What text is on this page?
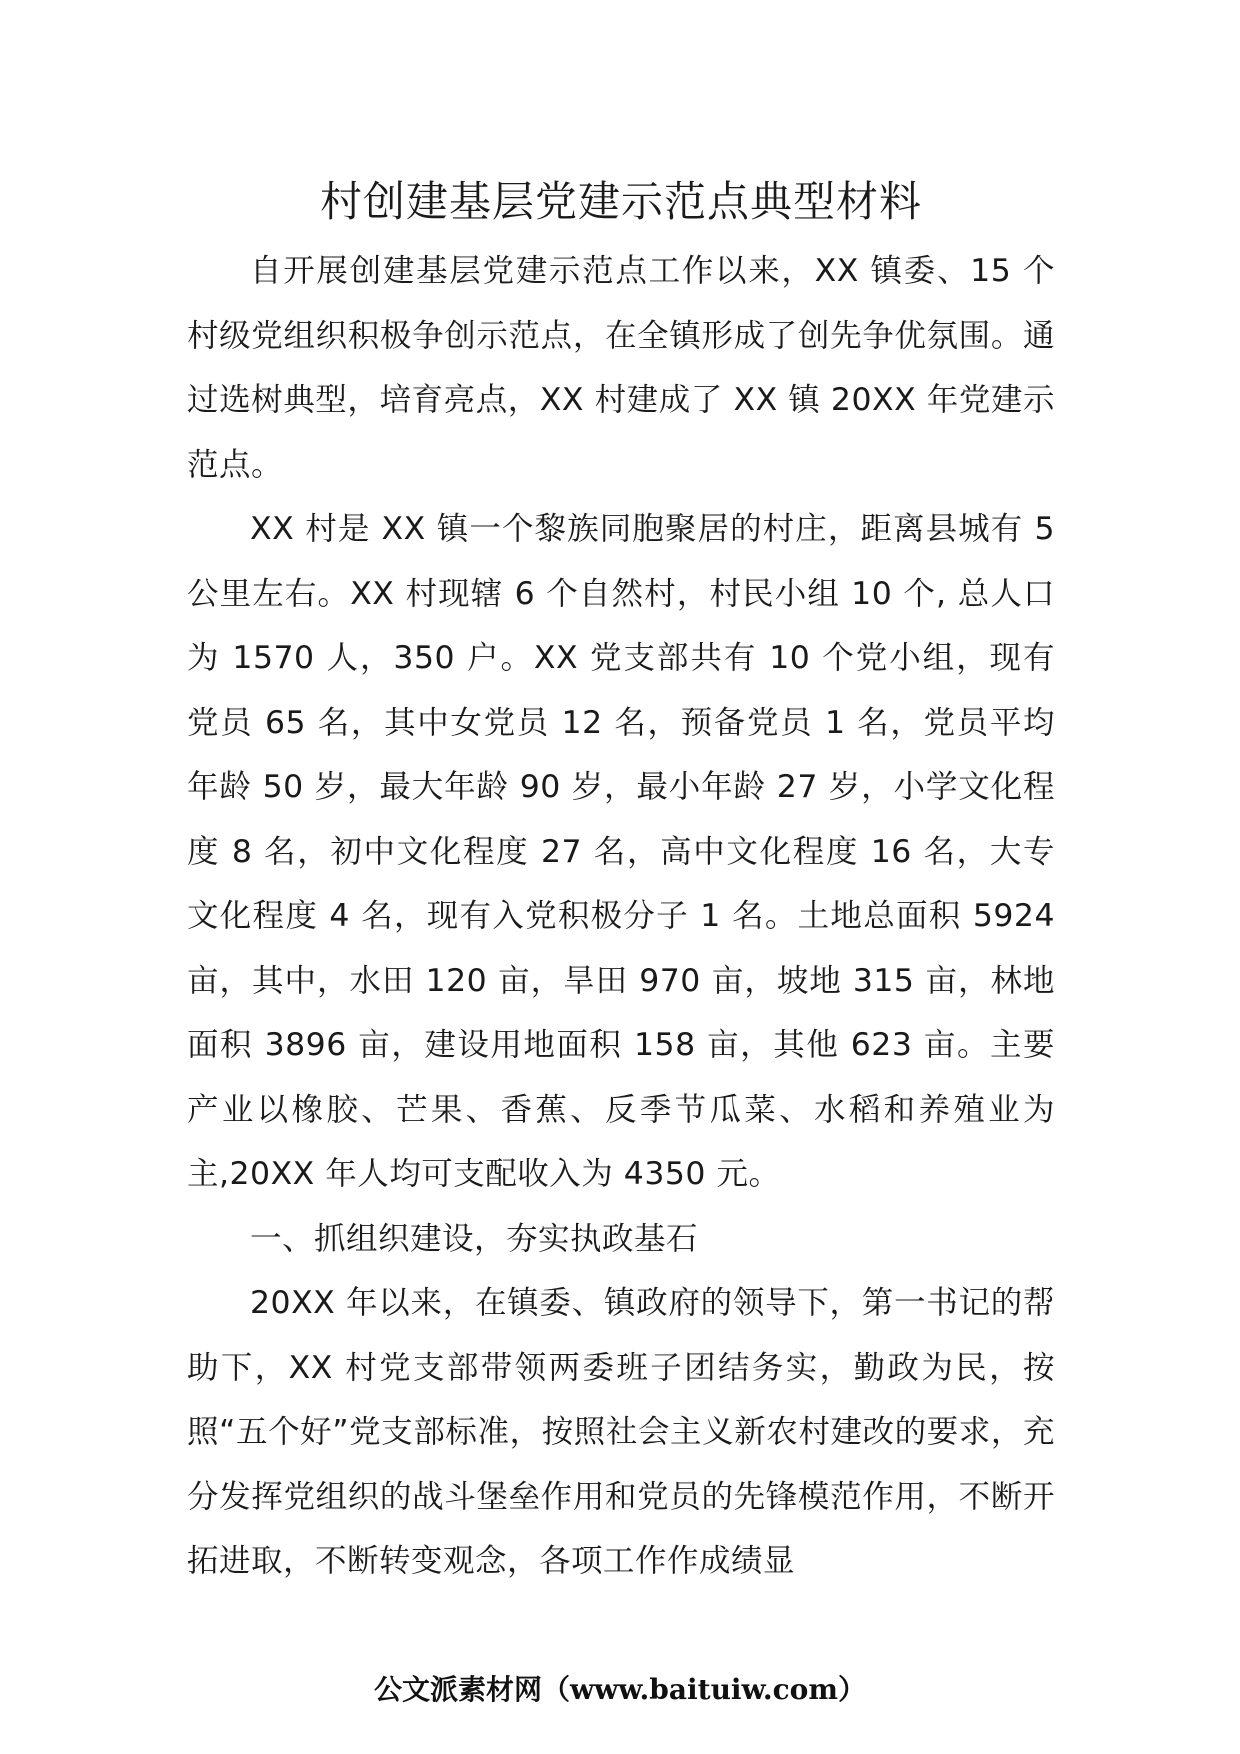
村创建基层党建示范点典型材料

自开展创建基层党建示范点工作以来，XX 镇委、15 个村级党组织积极争创示范点，在全镇形成了创先争优氛围。通过选树典型，培育亮点，XX 村建成了 XX 镇 20XX 年党建示范点。

XX 村是 XX 镇一个黎族同胞聚居的村庄，距离县城有 5 公里左右。XX 村现辖 6 个自然村，村民小组 10 个, 总人口为 1570 人，350 户。XX 党支部共有 10 个党小组，现有党员 65 名，其中女党员 12 名，预备党员 1 名，党员平均年龄 50 岁，最大年龄 90 岁，最小年龄 27 岁，小学文化程度 8 名，初中文化程度 27 名，高中文化程度 16 名，大专文化程度 4 名，现有入党积极分子 1 名。土地总面积 5924 亩，其中，水田 120 亩，旱田 970 亩，坡地 315 亩，林地面积 3896 亩，建设用地面积 158 亩，其他 623 亩。主要产业以橡胶、芒果、香蕉、反季节瓜菜、水稻和养殖业为主,20XX 年人均可支配收入为 4350 元。

一、抓组织建设，夯实执政基石

20XX 年以来，在镇委、镇政府的领导下，第一书记的帮助下，XX 村党支部带领两委班子团结务实，勤政为民，按照“五个好”党支部标准，按照社会主义新农村建改的要求，充分发挥党组织的战斗堡垒作用和党员的先锋模范作用，不断开拓进取，不断转变观念，各项工作作成绩显

公文派素材网（www.baituiw.com）
